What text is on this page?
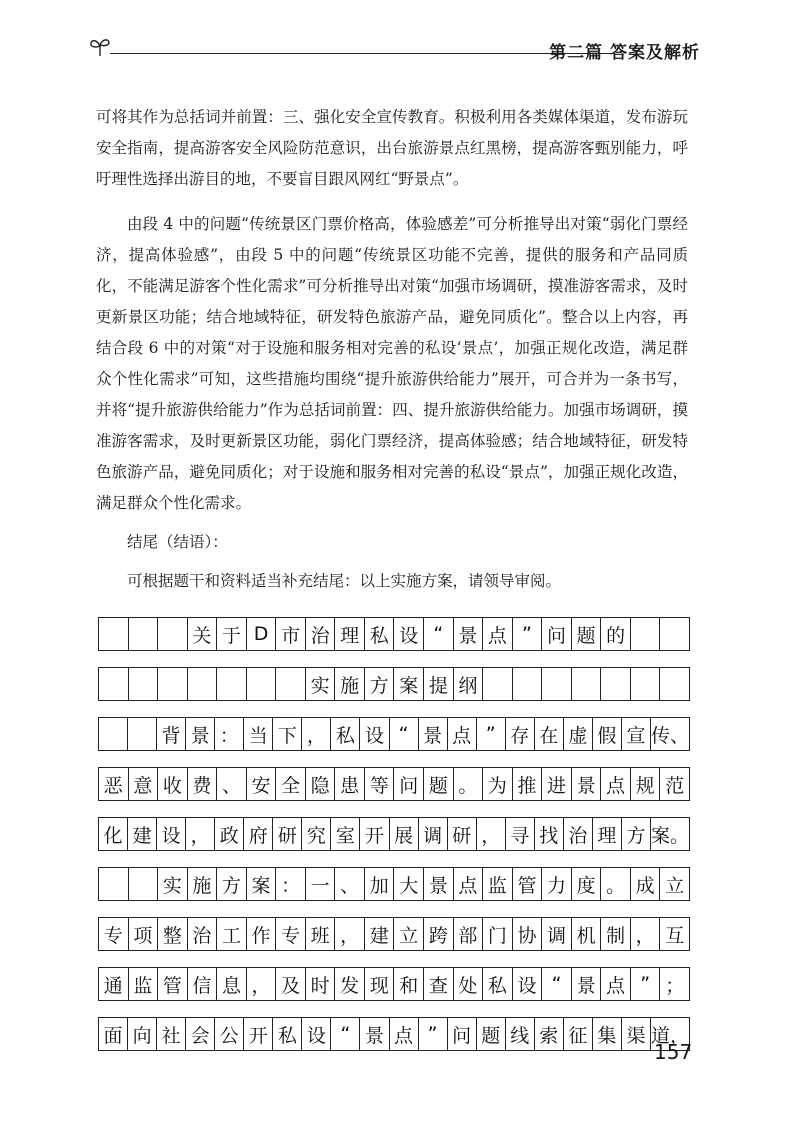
第二篇 答案及解析

可将其作为总括词并前置：三、强化安全宣传教育。积极利用各类媒体渠道，发布游玩安全指南，提高游客安全风险防范意识，出台旅游景点红黑榜，提高游客甄别能力，呼吁理性选择出游目的地，不要盲目跟风网红“野景点”。

由段 4 中的问题“传统景区门票价格高，体验感差”可分析推导出对策“弱化门票经济，提高体验感”，由段 5 中的问题“传统景区功能不完善，提供的服务和产品同质化，不能满足游客个性化需求”可分析推导出对策“加强市场调研，摸准游客需求，及时更新景区功能；结合地域特征，研发特色旅游产品，避免同质化”。整合以上内容，再结合段 6 中的对策“对于设施和服务相对完善的私设‘景点’，加强正规化改造，满足群众个性化需求”可知，这些措施均围绕“提升旅游供给能力”展开，可合并为一条书写，并将“提升旅游供给能力”作为总括词前置：四、提升旅游供给能力。加强市场调研，摸准游客需求，及时更新景区功能，弱化门票经济，提高体验感；结合地域特征，研发特色旅游产品，避免同质化；对于设施和服务相对完善的私设“景点”，加强正规化改造，满足群众个性化需求。

结尾（结语）：

可根据题干和资料适当补充结尾：以上实施方案，请领导审阅。

关 于 D 市 治 理 私 设 “ 景 点 ” 问 题 的
实 施 方 案 提 纲
背 景 ： 当 下 ， 私 设 “ 景 点 ” 存 在 虚 假 宣 传、
恶 意 收 费 、 安 全 隐 患 等 问 题 。 为 推 进 景 点 规 范
化 建 设 ， 政 府 研 究 室 开 展 调 研 ， 寻 找 治 理 方 案。
实 施 方 案 ： 一 、 加 大 景 点 监 管 力 度 。 成 立
专 项 整 治 工 作 专 班 ， 建 立 跨 部 门 协 调 机 制 ， 互
通 监 管 信 息 ， 及 时 发 现 和 查 处 私 设 “ 景 点 ” ；
面 向 社 会 公 开 私 设 “ 景 点 ” 问 题 线 索 征 集 渠 道，
157
